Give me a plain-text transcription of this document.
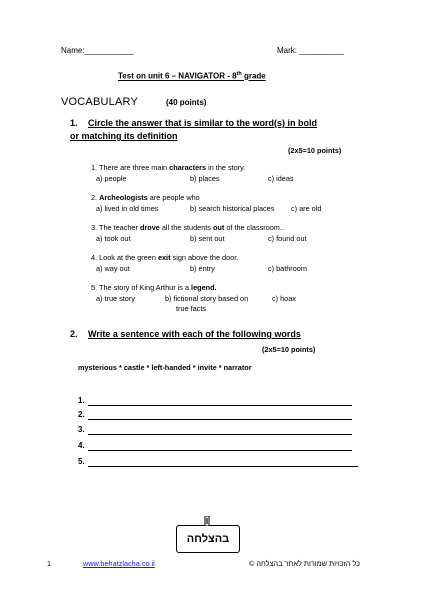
Name:___________	Mark: __________
Test on unit 6 – NAVIGATOR - 8th grade
VOCABULARY	(40 points)
1. Circle the answer that is similar to the word(s) in bold
or matching its definition
(2x5=10 points)
1. There are three main characters in the story.
a) people	b) places	c) ideas
2. Archeologists are people who
a) lived in old times	b) search historical places c) are old
3. The teacher drove all the students out of the classroom..
a) took out	b) sent out	c) found out
4. Look at the green exit sign above the door.
a) way out	b) entry	c) bathroom
5. The story of King Arthur is a legend.
a) true story	b) fictional story based on
true facts
c) hoax
2. Write a sentence with each of the following words
(2x5=10 points)
mysterious * castle * left-handed * invite * narrator
1.
2.
3.
4.
5.
בהצלחה
1	www.behatzlacha.co.il	כל הזכויות שמורות לאתר בהצלחה ©
